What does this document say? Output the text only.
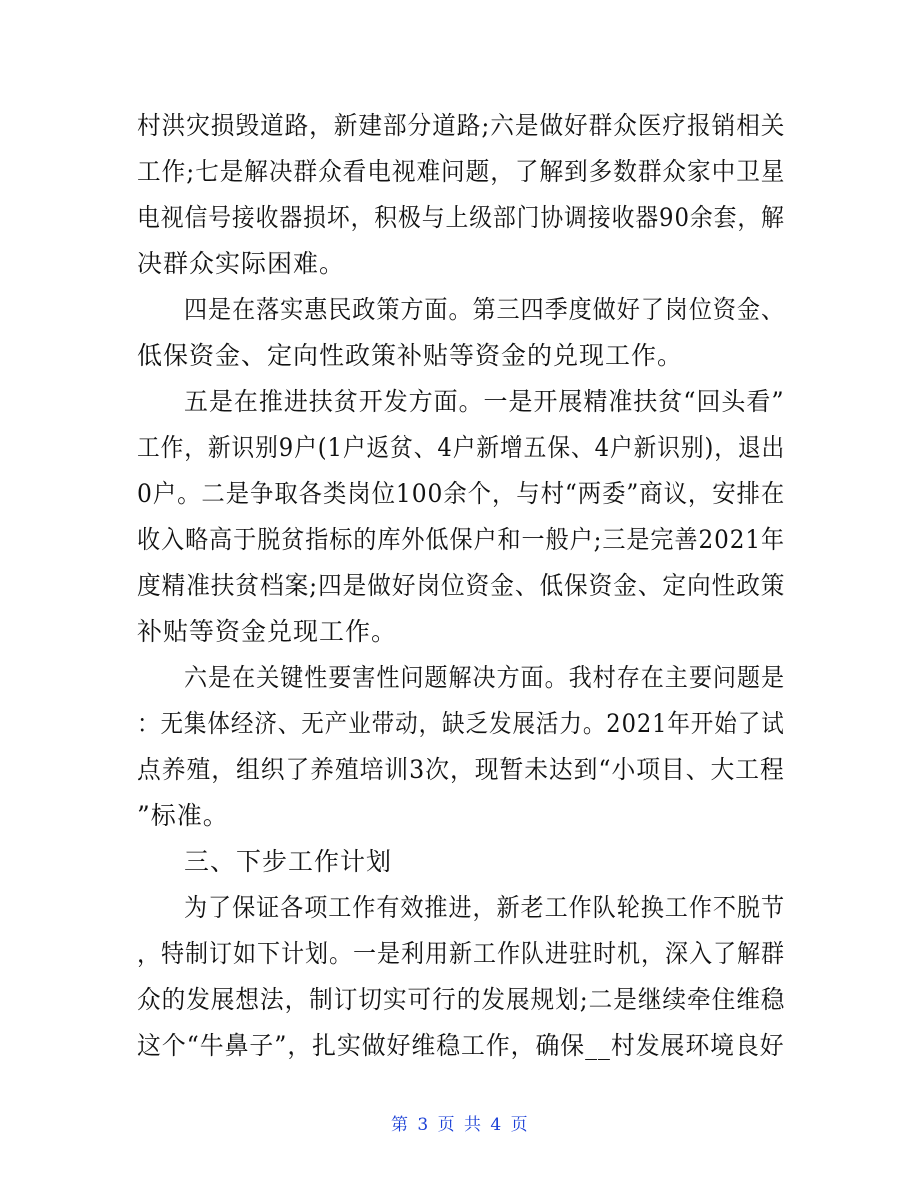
村洪灾损毁道路，新建部分道路;六是做好群众医疗报销相关
工作;七是解决群众看电视难问题，了解到多数群众家中卫星
电视信号接收器损坏，积极与上级部门协调接收器90余套，解
决群众实际困难。
四是在落实惠民政策方面。第三四季度做好了岗位资金、
低保资金、定向性政策补贴等资金的兑现工作。
五是在推进扶贫开发方面。一是开展精准扶贫“回头看”
工作，新识别9户(1户返贫、4户新增五保、4户新识别)，退出
0户。二是争取各类岗位100余个，与村“两委”商议，安排在
收入略高于脱贫指标的库外低保户和一般户;三是完善2021年
度精准扶贫档案;四是做好岗位资金、低保资金、定向性政策
补贴等资金兑现工作。
六是在关键性要害性问题解决方面。我村存在主要问题是
：无集体经济、无产业带动，缺乏发展活力。2021年开始了试
点养殖，组织了养殖培训3次，现暂未达到“小项目、大工程
”标准。
三、下步工作计划
为了保证各项工作有效推进，新老工作队轮换工作不脱节
，特制订如下计划。一是利用新工作队进驻时机，深入了解群
众的发展想法，制订切实可行的发展规划;二是继续牵住维稳
这个“牛鼻子”，扎实做好维稳工作，确保__村发展环境良好
第 3 页 共 4 页
